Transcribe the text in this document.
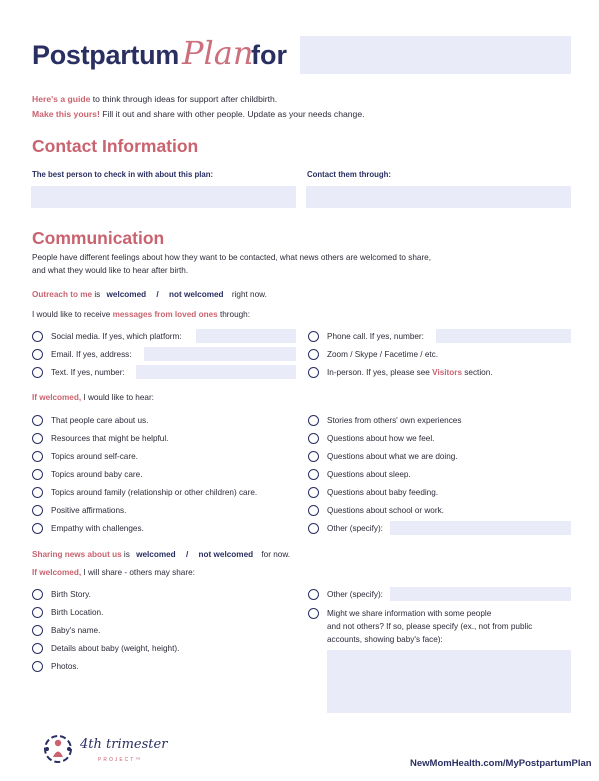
Postpartum Plan
for
Here's a guide to think through ideas for support after childbirth.
Make this yours! Fill it out and share with other people. Update as your needs change.
Contact Information
The best person to check in with about this plan:	Contact them through:
Communication
People have different feelings about how they want to be contacted, what news others are welcomed to share,
and what they would like to hear after birth.
Outreach to me is welcomed / not welcomed right now.
I would like to receive messages from loved ones through:
Social media. If yes, which platform:
Email. If yes, address:
Text. If yes, number:
Phone call. If yes, number:
Zoom / Skype / Facetime / etc.
In-person. If yes, please see Visitors section.
If welcomed, I would like to hear:
That people care about us.
Resources that might be helpful.
Topics around self-care.
Topics around baby care.
Topics around family (relationship or other children) care.
Positive affirmations.
Empathy with challenges.
Stories from others' own experiences
Questions about how we feel.
Questions about what we are doing.
Questions about sleep.
Questions about baby feeding.
Questions about school or work.
Other (specify):
Sharing news about us is welcomed / not welcomed for now.
If welcomed, I will share - others may share:
Birth Story.
Birth Location.
Baby's name.
Details about baby (weight, height).
Photos.
Other (specify):
Might we share information with some people
and not others? If so, please specify (ex., not from public
accounts, showing baby's face):
4th trimester
PROJECT™	NewMomHealth.com/MyPostpartumPlan
